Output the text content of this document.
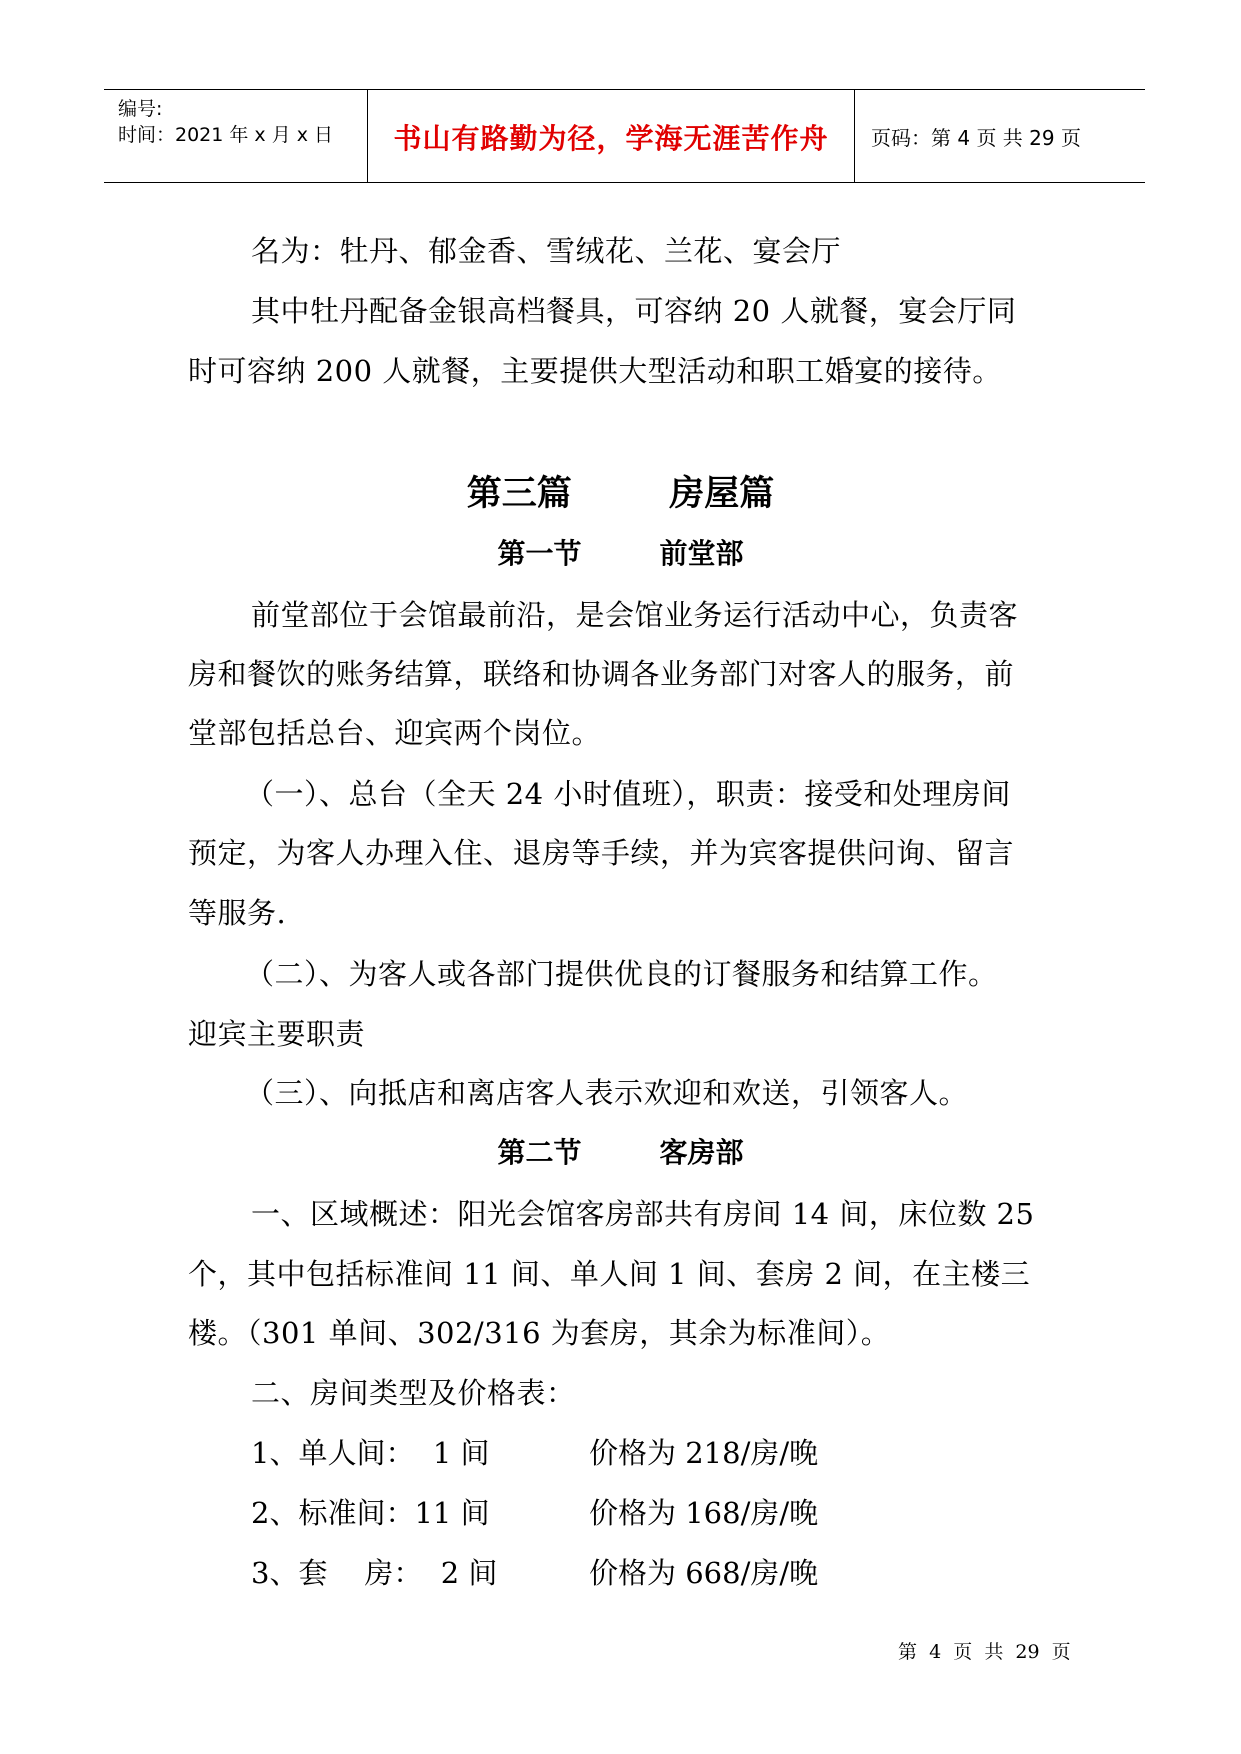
编号:
时间：2021 年 x 月 x 日 书山有路勤为径，学海无涯苦作舟 页码：第 4 页 共 29 页
名为：牡丹、郁金香、雪绒花、兰花、宴会厅
其中牡丹配备金银高档餐具，可容纳 20 人就餐，宴会厅同
时可容纳 200 人就餐，主要提供大型活动和职工婚宴的接待。
第三篇        房屋篇
第一节        前堂部
前堂部位于会馆最前沿，是会馆业务运行活动中心，负责客
房和餐饮的账务结算，联络和协调各业务部门对客人的服务，前
堂部包括总台、迎宾两个岗位。
（一）、总台（全天 24 小时值班），职责：接受和处理房间
预定，为客人办理入住、退房等手续，并为宾客提供问询、留言
等服务.
（二）、为客人或各部门提供优良的订餐服务和结算工作。
迎宾主要职责
（三）、向抵店和离店客人表示欢迎和欢送，引领客人。
第二节        客房部
一、区域概述：阳光会馆客房部共有房间 14 间，床位数 25
个，其中包括标准间 11 间、单人间 1 间、套房 2 间，在主楼三
楼。（301 单间、302/316 为套房，其余为标准间）。
二、房间类型及价格表：
1、单人间：  1 间	价格为 218/房/晚
2、标准间：11 间	价格为 168/房/晚
3、套    房：  2 间	价格为 668/房/晚
第  4  页  共  29  页
